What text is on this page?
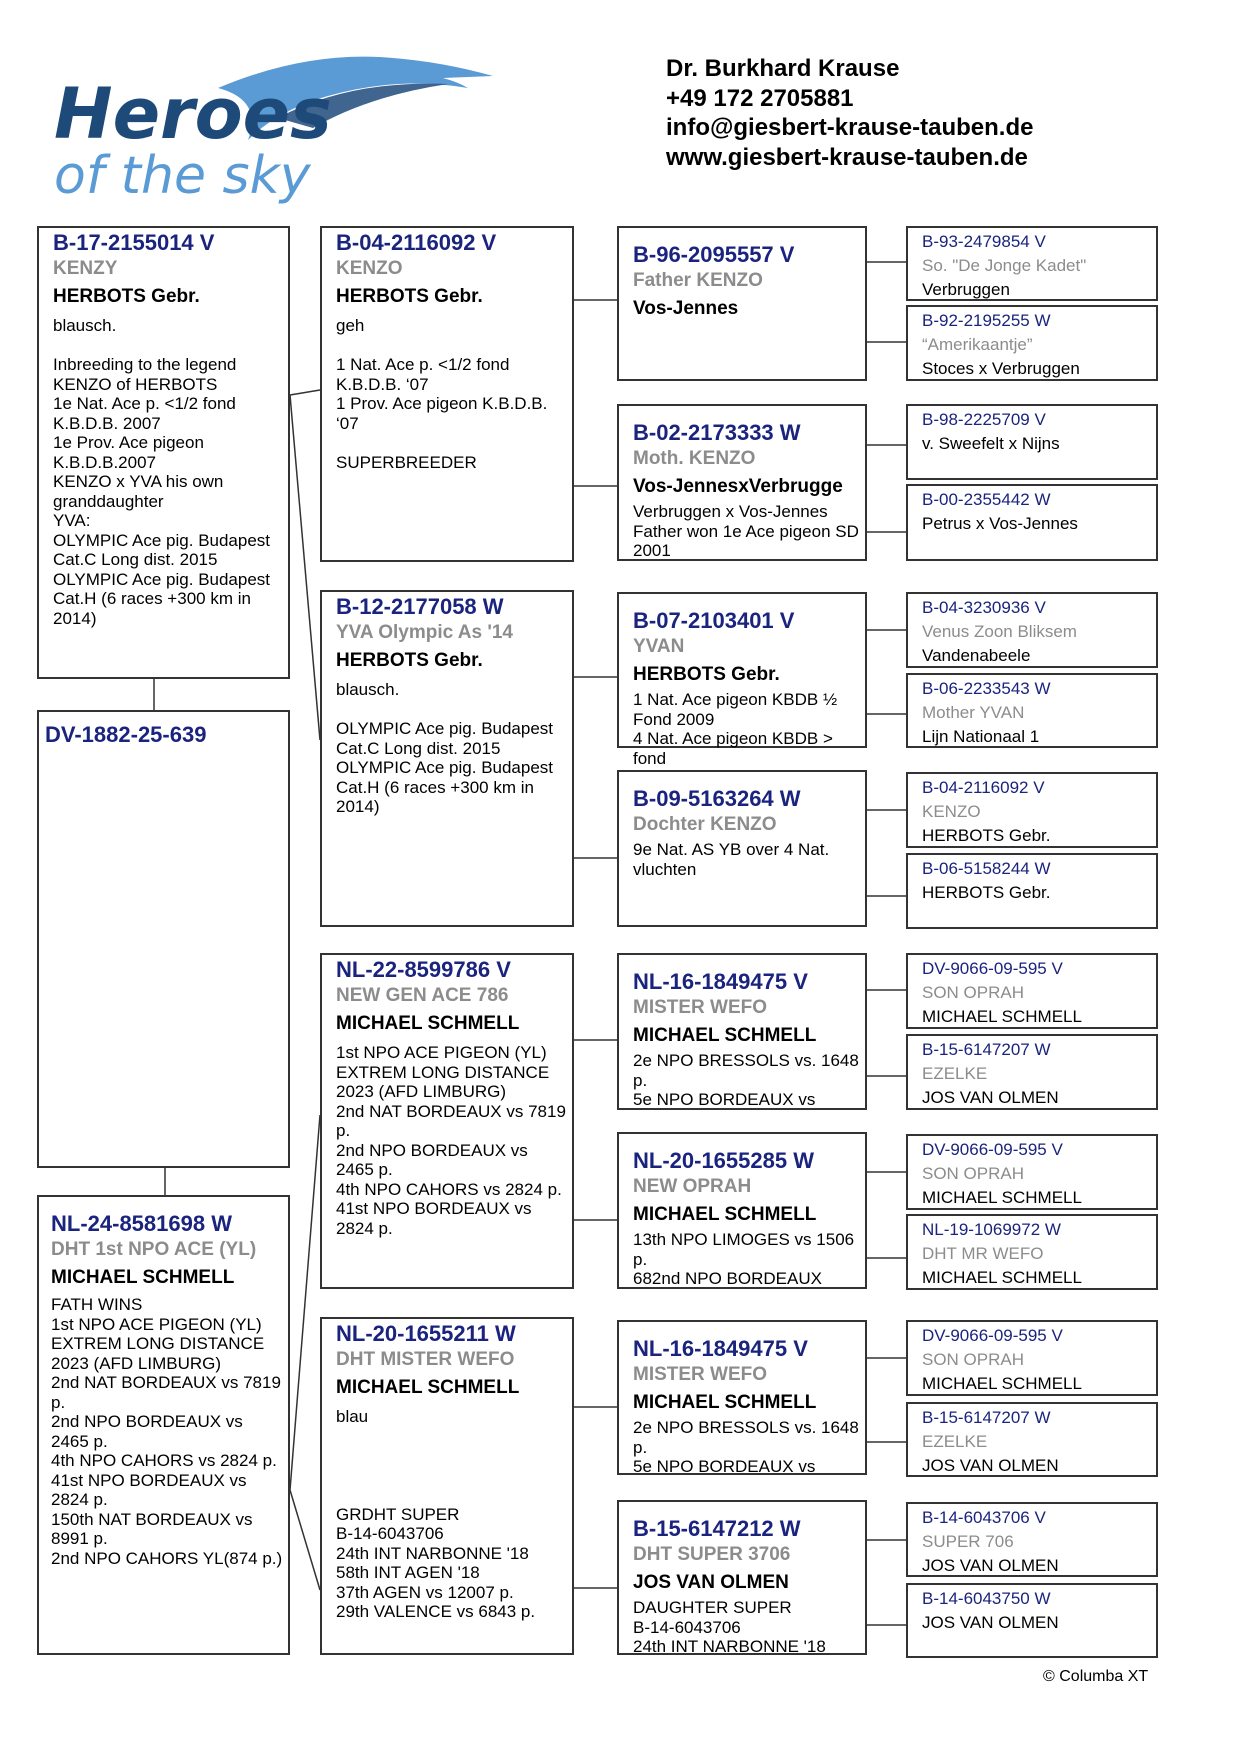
Heroes
of the sky
Dr. Burkhard Krause
+49 172 2705881
info@giesbert-krause-tauben.de
www.giesbert-krause-tauben.de
B-17-2155014 V
KENZY
HERBOTS Gebr.
blausch.

Inbreeding to the legend KENZO of HERBOTS
1e Nat. Ace p. <1/2 fond K.B.D.B. 2007
1e Prov. Ace pigeon K.B.D.B.2007
KENZO x YVA his own granddaughter
YVA:
OLYMPIC Ace pig. Budapest Cat.C Long dist. 2015
OLYMPIC Ace pig. Budapest Cat.H (6 races +300 km in 2014)
DV-1882-25-639
NL-24-8581698 W
DHT 1st NPO ACE (YL)
MICHAEL SCHMELL
FATH WINS
1st NPO ACE PIGEON (YL) EXTREM LONG DISTANCE 2023 (AFD LIMBURG)
2nd NAT BORDEAUX vs 7819 p.
2nd NPO BORDEAUX vs 2465 p.
4th NPO CAHORS vs 2824 p.
41st NPO BORDEAUX vs 2824 p.
150th NAT BORDEAUX vs 8991 p.
2nd NPO CAHORS YL(874 p.)
B-04-2116092 V
KENZO
HERBOTS Gebr.
geh

1 Nat. Ace p. <1/2 fond K.B.D.B. ‘07
1 Prov. Ace pigeon K.B.D.B. ‘07

SUPERBREEDER
B-12-2177058 W
YVA Olympic As '14
HERBOTS Gebr.
blausch.

OLYMPIC Ace pig. Budapest Cat.C Long dist. 2015
OLYMPIC Ace pig. Budapest Cat.H (6 races +300 km in 2014)
NL-22-8599786 V
NEW GEN ACE 786
MICHAEL SCHMELL
1st NPO ACE PIGEON (YL) EXTREM LONG DISTANCE 2023 (AFD LIMBURG)
2nd NAT BORDEAUX vs 7819 p.
2nd NPO BORDEAUX vs 2465 p.
4th NPO CAHORS vs 2824 p.
41st NPO BORDEAUX vs 2824 p.
NL-20-1655211 W
DHT MISTER WEFO
MICHAEL SCHMELL
blau

GRDHT SUPER
B-14-6043706
24th INT NARBONNE '18
58th INT AGEN '18
37th AGEN vs 12007 p.
29th VALENCE vs 6843 p.
B-96-2095557 V
Father KENZO
Vos-Jennes
B-02-2173333 W
Moth. KENZO
Vos-JennesxVerbrugge
Verbruggen x Vos-Jennes
Father won 1e Ace pigeon SD 2001
B-07-2103401 V
YVAN
HERBOTS Gebr.
1 Nat. Ace pigeon KBDB ½ Fond 2009
4 Nat. Ace pigeon KBDB > fond
B-09-5163264 W
Dochter KENZO
9e Nat. AS YB over 4 Nat. vluchten
NL-16-1849475 V
MISTER WEFO
MICHAEL SCHMELL
2e NPO BRESSOLS vs. 1648 p.
5e NPO BORDEAUX vs
NL-20-1655285 W
NEW OPRAH
MICHAEL SCHMELL
13th NPO LIMOGES vs 1506 p.
682nd NPO BORDEAUX
NL-16-1849475 V
MISTER WEFO
MICHAEL SCHMELL
2e NPO BRESSOLS vs. 1648 p.
5e NPO BORDEAUX vs
B-15-6147212 W
DHT SUPER 3706
JOS VAN OLMEN
DAUGHTER SUPER
B-14-6043706
24th INT NARBONNE '18
B-93-2479854 V
So. "De Jonge Kadet"
Verbruggen
B-92-2195255 W
“Amerikaantje”
Stoces x Verbruggen
B-98-2225709 V
v. Sweefelt x Nijns
B-00-2355442 W
Petrus x Vos-Jennes
B-04-3230936 V
Venus Zoon Bliksem
Vandenabeele
B-06-2233543 W
Mother YVAN
Lijn Nationaal 1
B-04-2116092 V
KENZO
HERBOTS Gebr.
B-06-5158244 W
HERBOTS Gebr.
DV-9066-09-595 V
SON OPRAH
MICHAEL SCHMELL
B-15-6147207 W
EZELKE
JOS VAN OLMEN
DV-9066-09-595 V
SON OPRAH
MICHAEL SCHMELL
NL-19-1069972 W
DHT MR WEFO
MICHAEL SCHMELL
DV-9066-09-595 V
SON OPRAH
MICHAEL SCHMELL
B-15-6147207 W
EZELKE
JOS VAN OLMEN
B-14-6043706 V
SUPER 706
JOS VAN OLMEN
B-14-6043750 W
JOS VAN OLMEN
© Columba XT
